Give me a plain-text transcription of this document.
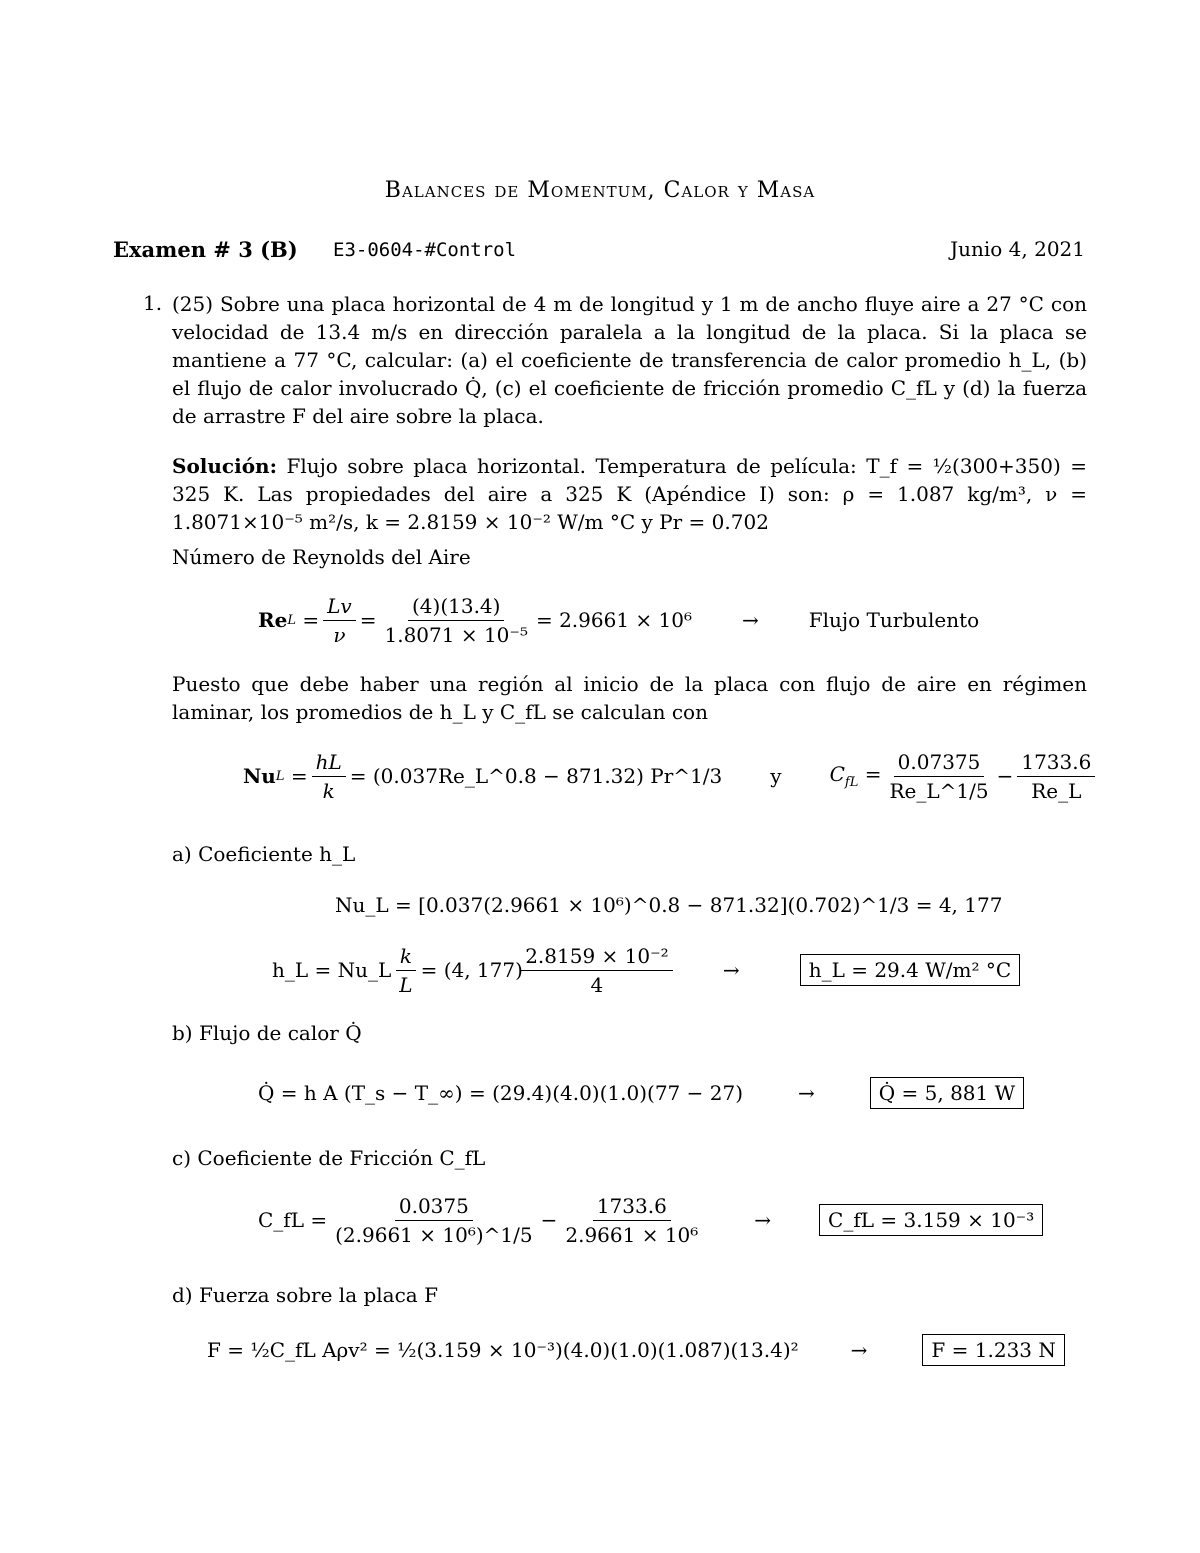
Balances de Momentum, Calor y Masa
Examen # 3 (B) E3-0604-#Control	Junio 4, 2021
1. (25) Sobre una placa horizontal de 4 m de longitud y 1 m de ancho fluye aire a 27 °C con velocidad de 13.4 m/s en dirección paralela a la longitud de la placa. Si la placa se mantiene a 77 °C, calcular: (a) el coeficiente de transferencia de calor promedio h_L, (b) el flujo de calor involucrado Q̇, (c) el coeficiente de fricción promedio C_fL y (d) la fuerza de arrastre F del aire sobre la placa.
Solución: Flujo sobre placa horizontal. Temperatura de película: T_f = ½(300+350) = 325 K. Las propiedades del aire a 325 K (Apéndice I) son: ρ = 1.087 kg/m³, ν = 1.8071×10⁻⁵ m²/s, k = 2.8159 × 10⁻² W/m °C y Pr = 0.702
Número de Reynolds del Aire
Re $L = \frac{Lv}{\nu} = \frac{(4)(13.4)}{\text{1.8071 × 10⁻⁵}} = 2.9661 \times 10^6$	→	Flujo Turbulento
Puesto que debe haber una región al inicio de la placa con flujo de aire en régimen laminar, los promedios de h_L y C_fL se calculan con
Nu $L = \frac{hL}{k}$ = (0.037Re_L^0.8 − 871.32) Pr^1/3 y $C_{fL} = \frac{0.07375}{Re\_L\^{}1/5} - \frac{1733.6}{Re\_L}$
a) Coeficiente h_L
Nu_L = [0.037(2.9661 × 10⁶)^0.8 − 871.32](0.702)^1/3 = 4, 177
h_L = Nu_L $\frac{k}{L} = (4$, $177) \frac{\text{2.8159 × 10⁻²}}{4}$	→	h_L = 29.4 W/m² °C
b) Flujo de calor Q̇
Q̇ = h A (T_s − T_∞) = (29.4)(4.0)(1.0)(77 − 27)	→	Q̇ = 5, 881 W
c) Coeficiente de Fricción C_fL
C_fL = $\frac{0.0375}{\text{(2.9661 × 10⁶)\textasciicircum{}1/5}} - \frac{1733.6}{\text{2.9661 × 10⁶}}$	→	C_fL = 3.159 × 10⁻³
d) Fuerza sobre la placa F
F = ½C_fL Aρv² = ½(3.159 × 10⁻³)(4.0)(1.0)(1.087)(13.4)²	→	F = 1.233 N
